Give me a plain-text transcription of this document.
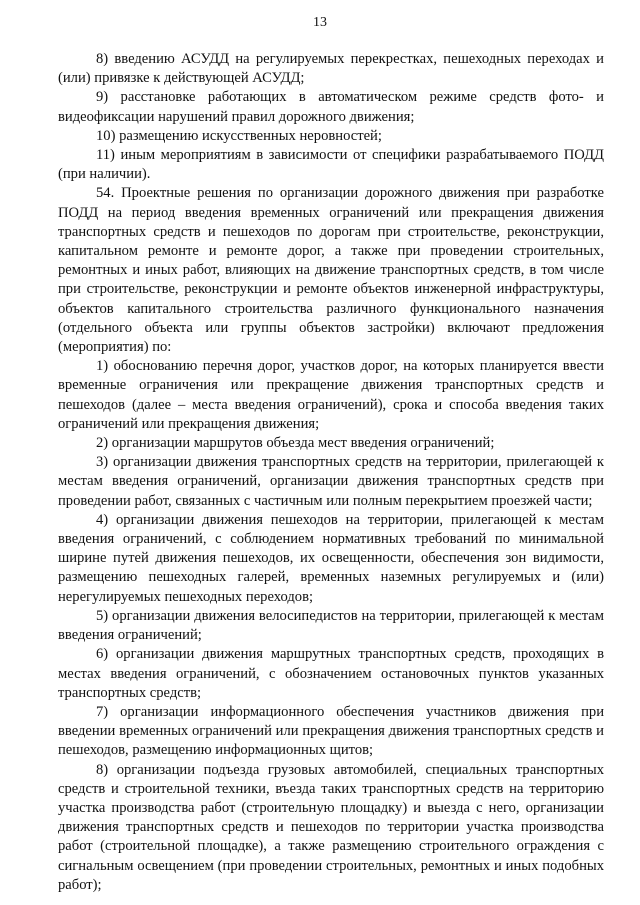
13

8) введению АСУДД на регулируемых перекрестках, пешеходных переходах и (или) привязке к действующей АСУДД;

9) расстановке работающих в автоматическом режиме средств фото- и видеофиксации нарушений правил дорожного движения;

10) размещению искусственных неровностей;

11) иным мероприятиям в зависимости от специфики разрабатываемого ПОДД (при наличии).

54. Проектные решения по организации дорожного движения при разработке ПОДД на период введения временных ограничений или прекращения движения транспортных средств и пешеходов по дорогам при строительстве, реконструкции, капитальном ремонте и ремонте дорог, а также при проведении строительных, ремонтных и иных работ, влияющих на движение транспортных средств, в том числе при строительстве, реконструкции и ремонте объектов инженерной инфраструктуры, объектов капитального строительства различного функционального назначения (отдельного объекта или группы объектов застройки) включают предложения (мероприятия) по:

1) обоснованию перечня дорог, участков дорог, на которых планируется ввести временные ограничения или прекращение движения транспортных средств и пешеходов (далее – места введения ограничений), срока и способа введения таких ограничений или прекращения движения;

2) организации маршрутов объезда мест введения ограничений;

3) организации движения транспортных средств на территории, прилегающей к местам введения ограничений, организации движения транспортных средств при проведении работ, связанных с частичным или полным перекрытием проезжей части;

4) организации движения пешеходов на территории, прилегающей к местам введения ограничений, с соблюдением нормативных требований по минимальной ширине путей движения пешеходов, их освещенности, обеспечения зон видимости, размещению пешеходных галерей, временных наземных регулируемых и (или) нерегулируемых пешеходных переходов;

5) организации движения велосипедистов на территории, прилегающей к местам введения ограничений;

6) организации движения маршрутных транспортных средств, проходящих в местах введения ограничений, с обозначением остановочных пунктов указанных транспортных средств;

7) организации информационного обеспечения участников движения при введении временных ограничений или прекращения движения транспортных средств и пешеходов, размещению информационных щитов;

8) организации подъезда грузовых автомобилей, специальных транспортных средств и строительной техники, въезда таких транспортных средств на территорию участка производства работ (строительную площадку) и выезда с него, организации движения транспортных средств и пешеходов по территории участка производства работ (строительной площадке), а также размещению строительного ограждения с сигнальным освещением (при проведении строительных, ремонтных и иных подобных работ);
